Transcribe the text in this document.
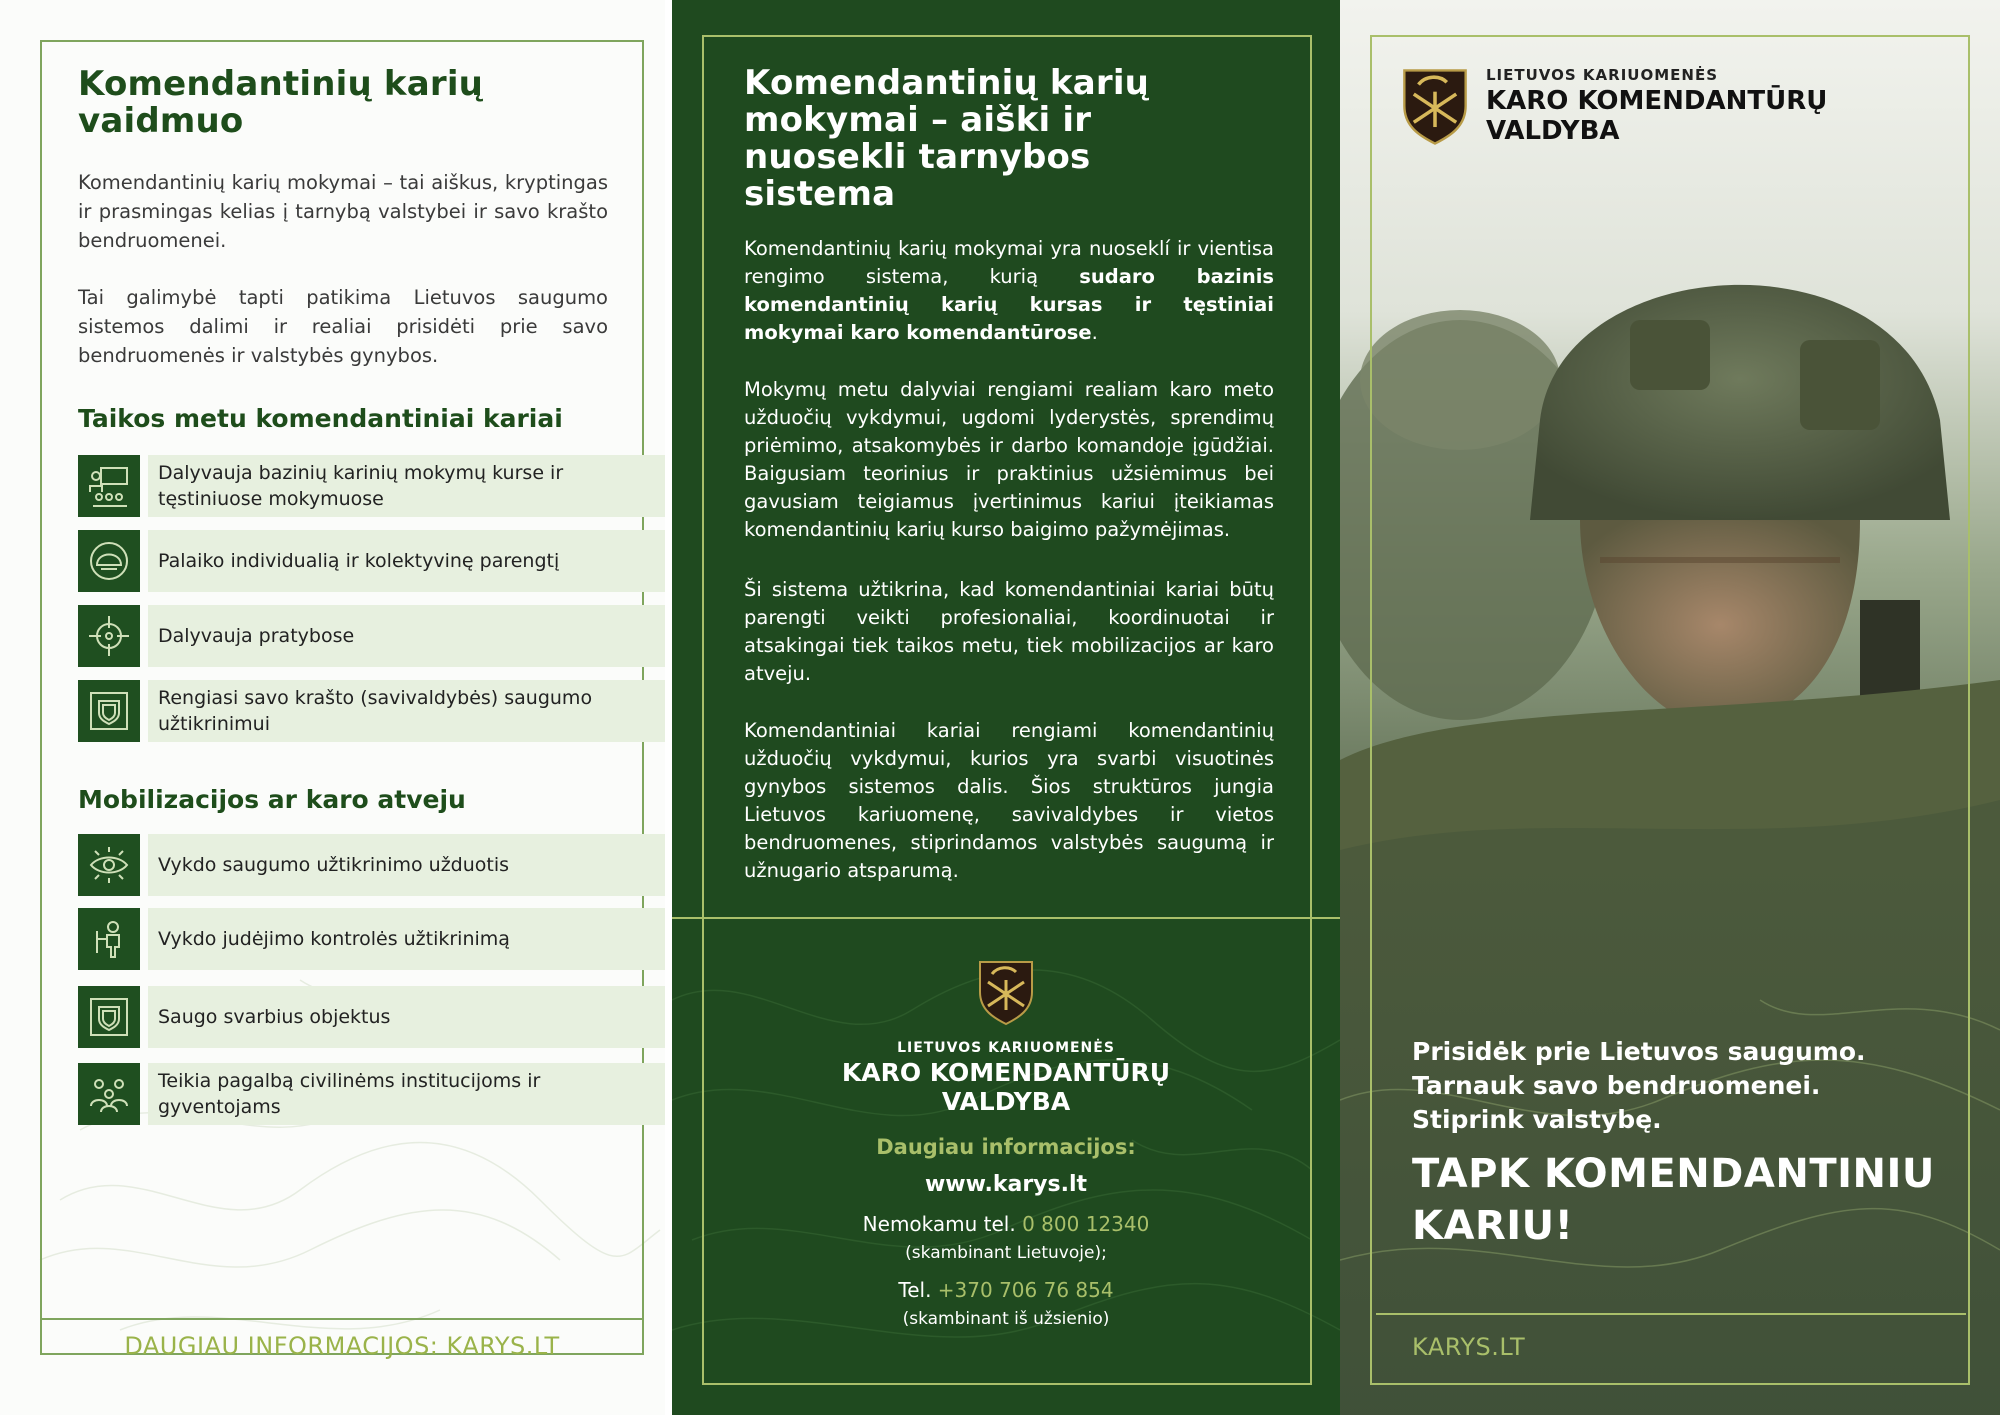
Komendantinių karių vaidmuo

Komendantinių karių mokymai – tai aiškus, kryptingas ir prasmingas kelias į tarnybą valstybei ir savo krašto bendruomenei.

Tai galimybė tapti patikima Lietuvos saugumo sistemos dalimi ir realiai prisidėti prie savo bendruomenės ir valstybės gynybos.

Taikos metu komendantiniai kariai
Dalyvauja bazinių karinių mokymų kurse ir tęstiniuose mokymuose
Palaiko individualią ir kolektyvinę parengtį
Dalyvauja pratybose
Rengiasi savo krašto (savivaldybės) saugumo užtikrinimui
Mobilizacijos ar karo atveju
Vykdo saugumo užtikrinimo užduotis
Vykdo judėjimo kontrolės užtikrinimą
Saugo svarbius objektus
Teikia pagalbą civilinėms institucijoms ir gyventojams
DAUGIAU INFORMACIJOS: KARYS.LT
Komendantinių karių mokymai – aiški ir nuosekli tarnybos sistema

Komendantinių karių mokymai yra nuoseklí ir vientisa rengimo sistema, kurią sudaro bazinis komendantinių karių kursas ir tęstiniai mokymai karo komendantūrose.

Mokymų metu dalyviai rengiami realiam karo meto užduočių vykdymui, ugdomi lyderystės, sprendimų priėmimo, atsakomybės ir darbo komandoje įgūdžiai. Baigusiam teorinius ir praktinius užsiėmimus bei gavusiam teigiamus įvertinimus kariui įteikiamas komendantinių karių kurso baigimo pažymėjimas.

Ši sistema užtikrina, kad komendantiniai kariai būtų parengti veikti profesionaliai, koordinuotai ir atsakingai tiek taikos metu, tiek mobilizacijos ar karo atveju.

Komendantiniai kariai rengiami komendantinių užduočių vykdymui, kurios yra svarbi visuotinės gynybos sistemos dalis. Šios struktūros jungia Lietuvos kariuomenę, savivaldybes ir vietos bendruomenes, stiprindamos valstybės saugumą ir užnugario atsparumą.

LIETUVOS KARIUOMENĖS
KARO KOMENDANTŪRŲ
VALDYBA
Daugiau informacijos:
www.karys.lt
Nemokamu tel. 0 800 12340
(skambinant Lietuvoje);
Tel. +370 706 76 854
(skambinant iš užsienio)
LIETUVOS KARIUOMENĖS
KARO KOMENDANTŪRŲ
VALDYBA
Prisidėk prie Lietuvos saugumo.
Tarnauk savo bendruomenei.
Stiprink valstybę.
TAPK KOMENDANTINIU
KARIU!
KARYS.LT
